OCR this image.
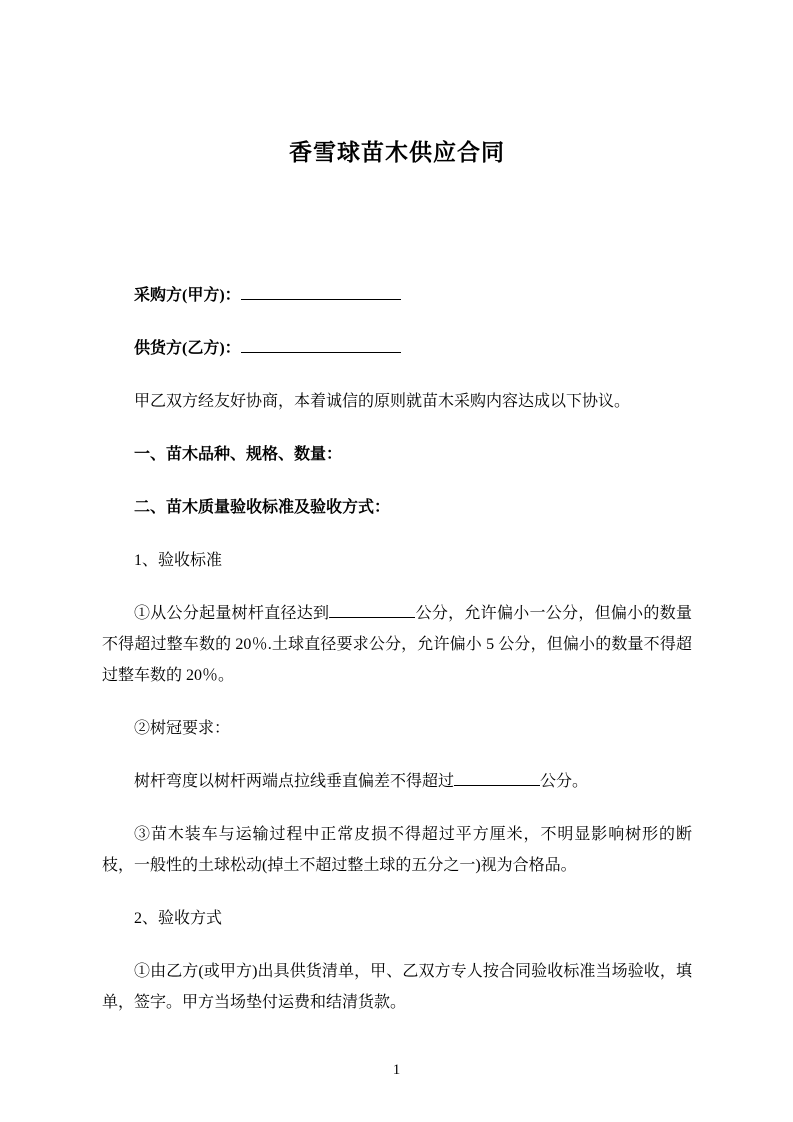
香雪球苗木供应合同

采购方(甲方)：

供货方(乙方)：

甲乙双方经友好协商，本着诚信的原则就苗木采购内容达成以下协议。

一、苗木品种、规格、数量：

二、苗木质量验收标准及验收方式：

1、验收标准

①从公分起量树杆直径达到	公分，允许偏小一公分，但偏小的数量不得超过整车数的 20％.土球直径要求公分，允许偏小 5 公分，但偏小的数量不得超过整车数的 20％。

②树冠要求：

树杆弯度以树杆两端点拉线垂直偏差不得超过	公分。

③苗木装车与运输过程中正常皮损不得超过平方厘米，不明显影响树形的断枝，一般性的土球松动(掉土不超过整土球的五分之一)视为合格品。

2、验收方式

①由乙方(或甲方)出具供货清单，甲、乙双方专人按合同验收标准当场验收，填单，签字。甲方当场垫付运费和结清货款。

1
